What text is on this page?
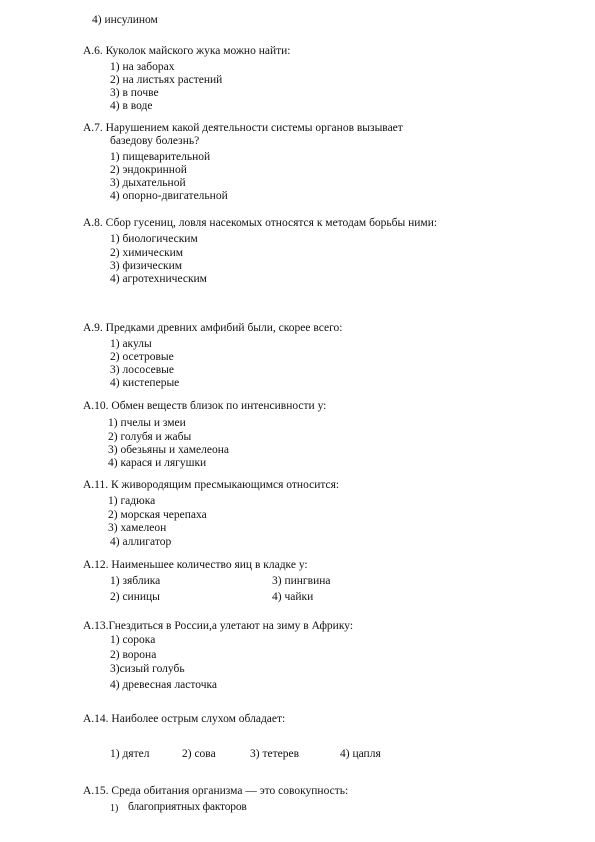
4) инсулином
А.6. Куколок майского жука можно найти:
1) на заборах
2) на листьях растений
3) в почве
4) в воде
А.7. Нарушением какой деятельности системы органов вызывает
базедову болезнь?
1) пищеварительной
2) эндокринной
3) дыхательной
4) опорно-двигательной
А.8. Сбор гусениц, ловля насекомых относятся к методам борьбы ними:
1) биологическим
2) химическим
3) физическим
4) агротехническим
А.9. Предками древних амфибий были, скорее всего:
1) акулы
2) осетровые
3) лососевые
4) кистеперые
А.10. Обмен веществ близок по интенсивности у:
1) пчелы и змеи
2) голубя и жабы
3) обезьяны и хамелеона
4) карася и лягушки
А.11. К живородящим пресмыкающимся относится:
1) гадюка
2) морская черепаха
3) хамелеон
4) аллигатор
А.12. Наименьшее количество яиц в кладке у:
1) зяблика
2) синицы
3) пингвина
4) чайки
А.13.Гнездиться в России,а улетают на зиму в Африку:
1) сорока
2) ворона
3)сизый голубь
4) древесная ласточка
А.14. Наиболее острым слухом обладает:
1) дятел	2) сова	3) тетерев	4) цапля
А.15. Среда обитания организма — это совокупность:
1) благоприятных факторов
